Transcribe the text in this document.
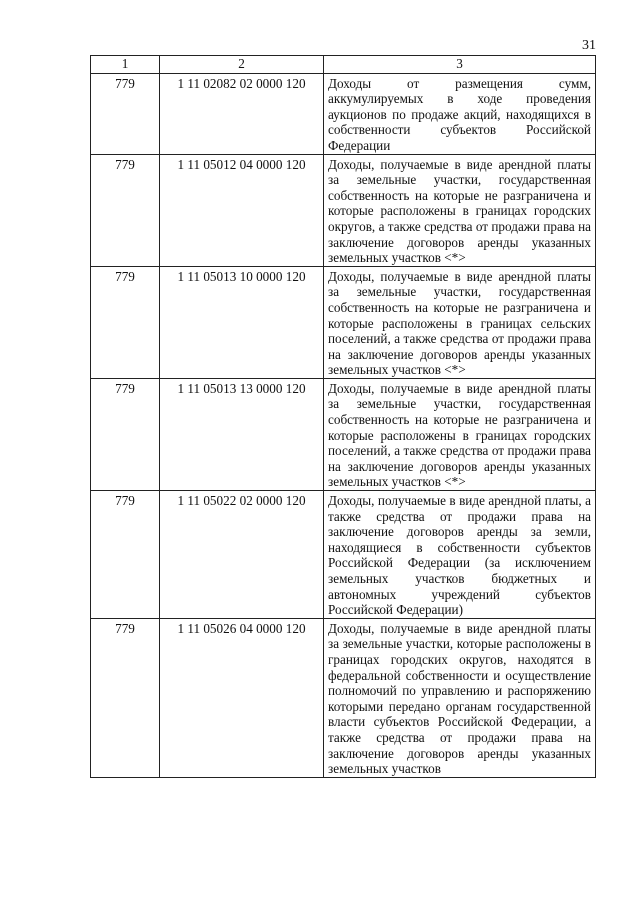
31
1	2	3
779	1 11 02082 02 0000 120	Доходы от размещения сумм, аккумулируемых в ходе проведения аукционов по продаже акций, находящихся в собственности субъектов Российской Федерации
779	1 11 05012 04 0000 120	Доходы, получаемые в виде арендной платы за земельные участки, государственная собственность на которые не разграничена и которые расположены в границах городских округов, а также средства от продажи права на заключение договоров аренды указанных земельных участков <*>
779	1 11 05013 10 0000 120	Доходы, получаемые в виде арендной платы за земельные участки, государственная собственность на которые не разграничена и которые расположены в границах сельских поселений, а также средства от продажи права на заключение договоров аренды указанных земельных участков <*>
779	1 11 05013 13 0000 120	Доходы, получаемые в виде арендной платы за земельные участки, государственная собственность на которые не разграничена и которые расположены в границах городских поселений, а также средства от продажи права на заключение договоров аренды указанных земельных участков <*>
779	1 11 05022 02 0000 120	Доходы, получаемые в виде арендной платы, а также средства от продажи права на заключение договоров аренды за земли, находящиеся в собственности субъектов Российской Федерации (за исключением земельных участков бюджетных и автономных учреждений субъектов Российской Федерации)
779	1 11 05026 04 0000 120	Доходы, получаемые в виде арендной платы за земельные участки, которые расположены в границах городских округов, находятся в федеральной собственности и осуществление полномочий по управлению и распоряжению которыми передано органам государственной власти субъектов Российской Федерации, а также средства от продажи права на заключение договоров аренды указанных земельных участков
